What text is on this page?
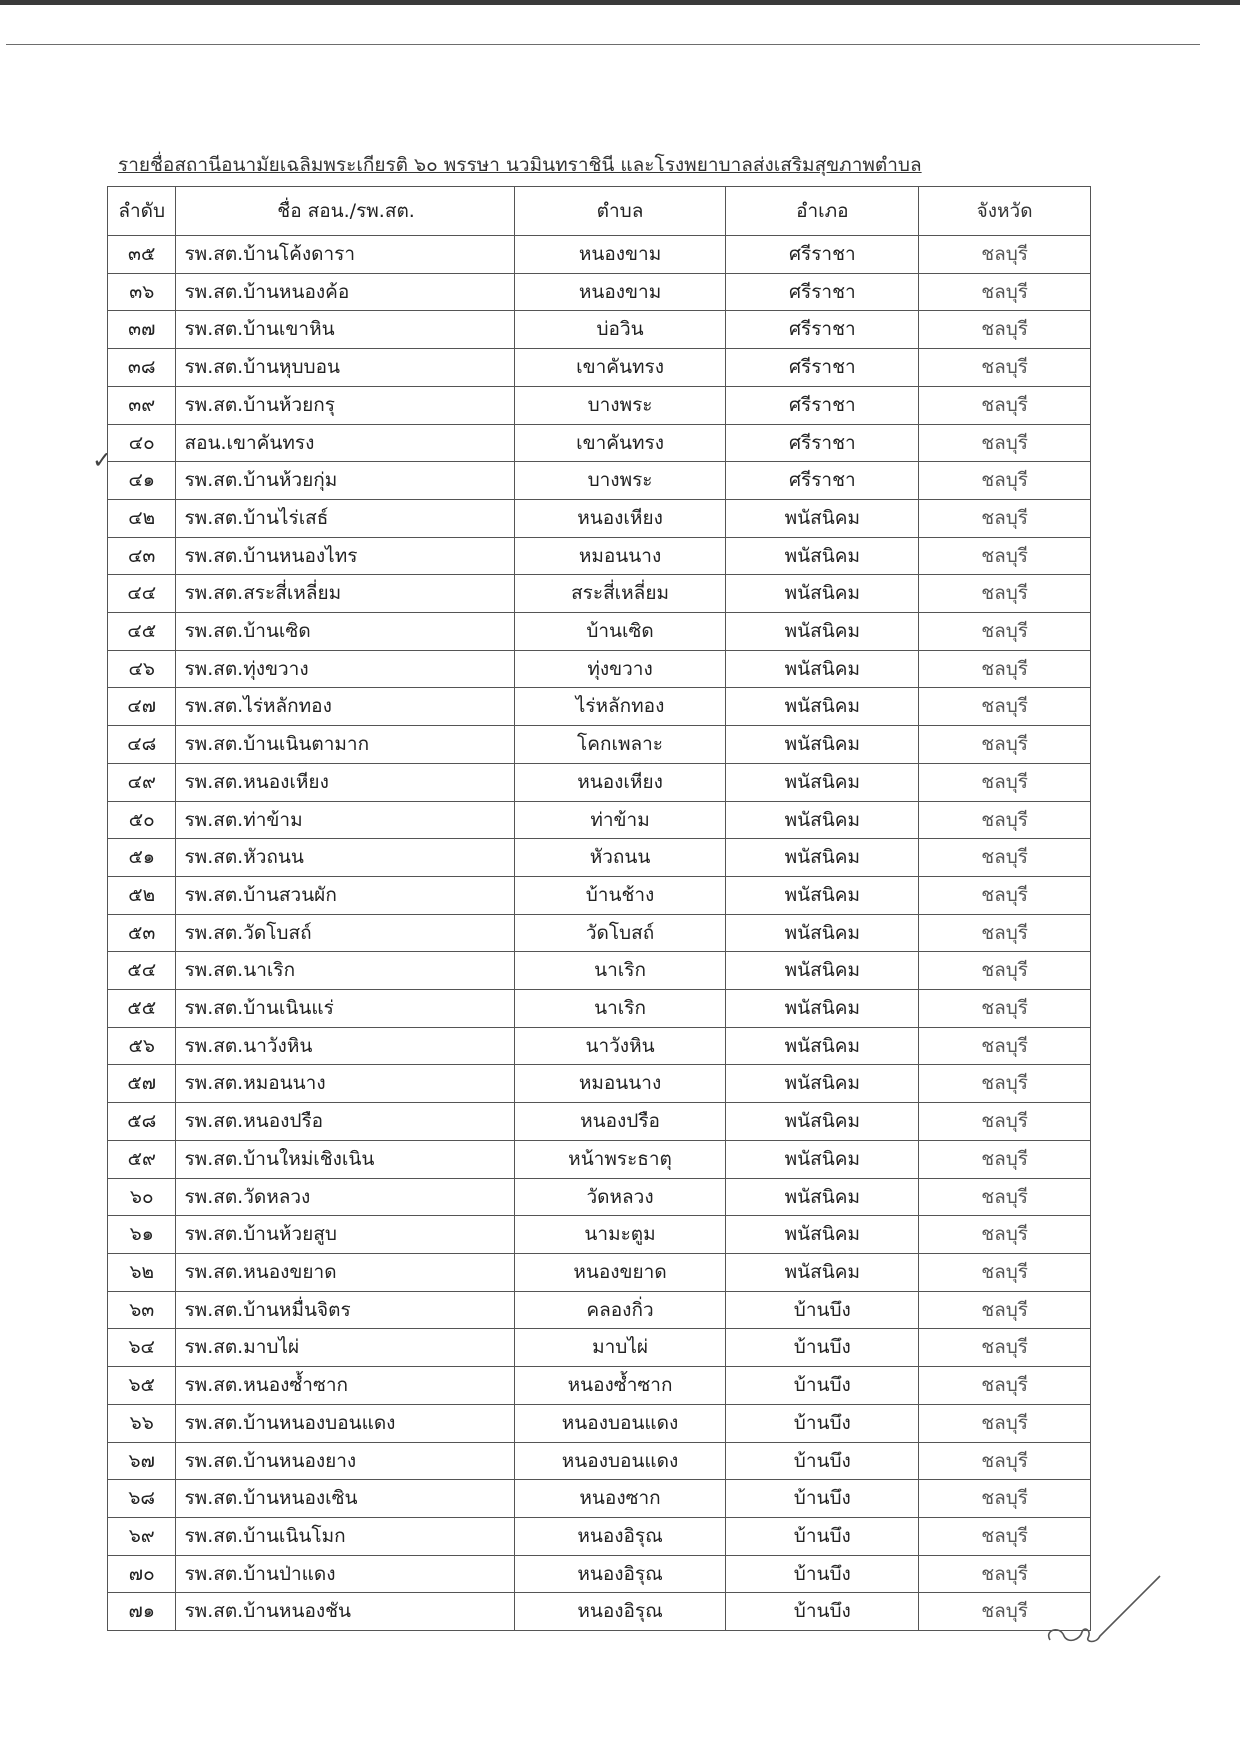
รายชื่อสถานีอนามัยเฉลิมพระเกียรติ ๖๐ พรรษา นวมินทราชินี และโรงพยาบาลส่งเสริมสุขภาพตำบล
✓
ลำดับ	ชื่อ สอน./รพ.สต.	ตำบล	อำเภอ	จังหวัด
๓๕	รพ.สต.บ้านโค้งดารา	หนองขาม	ศรีราชา	ชลบุรี
๓๖	รพ.สต.บ้านหนองค้อ	หนองขาม	ศรีราชา	ชลบุรี
๓๗	รพ.สต.บ้านเขาหิน	บ่อวิน	ศรีราชา	ชลบุรี
๓๘	รพ.สต.บ้านหุบบอน	เขาคันทรง	ศรีราชา	ชลบุรี
๓๙	รพ.สต.บ้านห้วยกรุ	บางพระ	ศรีราชา	ชลบุรี
๔๐	สอน.เขาคันทรง	เขาคันทรง	ศรีราชา	ชลบุรี
๔๑	รพ.สต.บ้านห้วยกุ่ม	บางพระ	ศรีราชา	ชลบุรี
๔๒	รพ.สต.บ้านไร่เสธ์	หนองเหียง	พนัสนิคม	ชลบุรี
๔๓	รพ.สต.บ้านหนองไทร	หมอนนาง	พนัสนิคม	ชลบุรี
๔๔	รพ.สต.สระสี่เหลี่ยม	สระสี่เหลี่ยม	พนัสนิคม	ชลบุรี
๔๕	รพ.สต.บ้านเซิด	บ้านเซิด	พนัสนิคม	ชลบุรี
๔๖	รพ.สต.ทุ่งขวาง	ทุ่งขวาง	พนัสนิคม	ชลบุรี
๔๗	รพ.สต.ไร่หลักทอง	ไร่หลักทอง	พนัสนิคม	ชลบุรี
๔๘	รพ.สต.บ้านเนินตามาก	โคกเพลาะ	พนัสนิคม	ชลบุรี
๔๙	รพ.สต.หนองเหียง	หนองเหียง	พนัสนิคม	ชลบุรี
๕๐	รพ.สต.ท่าข้าม	ท่าข้าม	พนัสนิคม	ชลบุรี
๕๑	รพ.สต.หัวถนน	หัวถนน	พนัสนิคม	ชลบุรี
๕๒	รพ.สต.บ้านสวนผัก	บ้านช้าง	พนัสนิคม	ชลบุรี
๕๓	รพ.สต.วัดโบสถ์	วัดโบสถ์	พนัสนิคม	ชลบุรี
๕๔	รพ.สต.นาเริก	นาเริก	พนัสนิคม	ชลบุรี
๕๕	รพ.สต.บ้านเนินแร่	นาเริก	พนัสนิคม	ชลบุรี
๕๖	รพ.สต.นาวังหิน	นาวังหิน	พนัสนิคม	ชลบุรี
๕๗	รพ.สต.หมอนนาง	หมอนนาง	พนัสนิคม	ชลบุรี
๕๘	รพ.สต.หนองปรือ	หนองปรือ	พนัสนิคม	ชลบุรี
๕๙	รพ.สต.บ้านใหม่เชิงเนิน	หน้าพระธาตุ	พนัสนิคม	ชลบุรี
๖๐	รพ.สต.วัดหลวง	วัดหลวง	พนัสนิคม	ชลบุรี
๖๑	รพ.สต.บ้านห้วยสูบ	นามะตูม	พนัสนิคม	ชลบุรี
๖๒	รพ.สต.หนองขยาด	หนองขยาด	พนัสนิคม	ชลบุรี
๖๓	รพ.สต.บ้านหมื่นจิตร	คลองกิ่ว	บ้านบึง	ชลบุรี
๖๔	รพ.สต.มาบไผ่	มาบไผ่	บ้านบึง	ชลบุรี
๖๕	รพ.สต.หนองซ้ำซาก	หนองซ้ำซาก	บ้านบึง	ชลบุรี
๖๖	รพ.สต.บ้านหนองบอนแดง	หนองบอนแดง	บ้านบึง	ชลบุรี
๖๗	รพ.สต.บ้านหนองยาง	หนองบอนแดง	บ้านบึง	ชลบุรี
๖๘	รพ.สต.บ้านหนองเซิน	หนองซาก	บ้านบึง	ชลบุรี
๖๙	รพ.สต.บ้านเนินโมก	หนองอิรุณ	บ้านบึง	ชลบุรี
๗๐	รพ.สต.บ้านป่าแดง	หนองอิรุณ	บ้านบึง	ชลบุรี
๗๑	รพ.สต.บ้านหนองชัน	หนองอิรุณ	บ้านบึง	ชลบุรี
